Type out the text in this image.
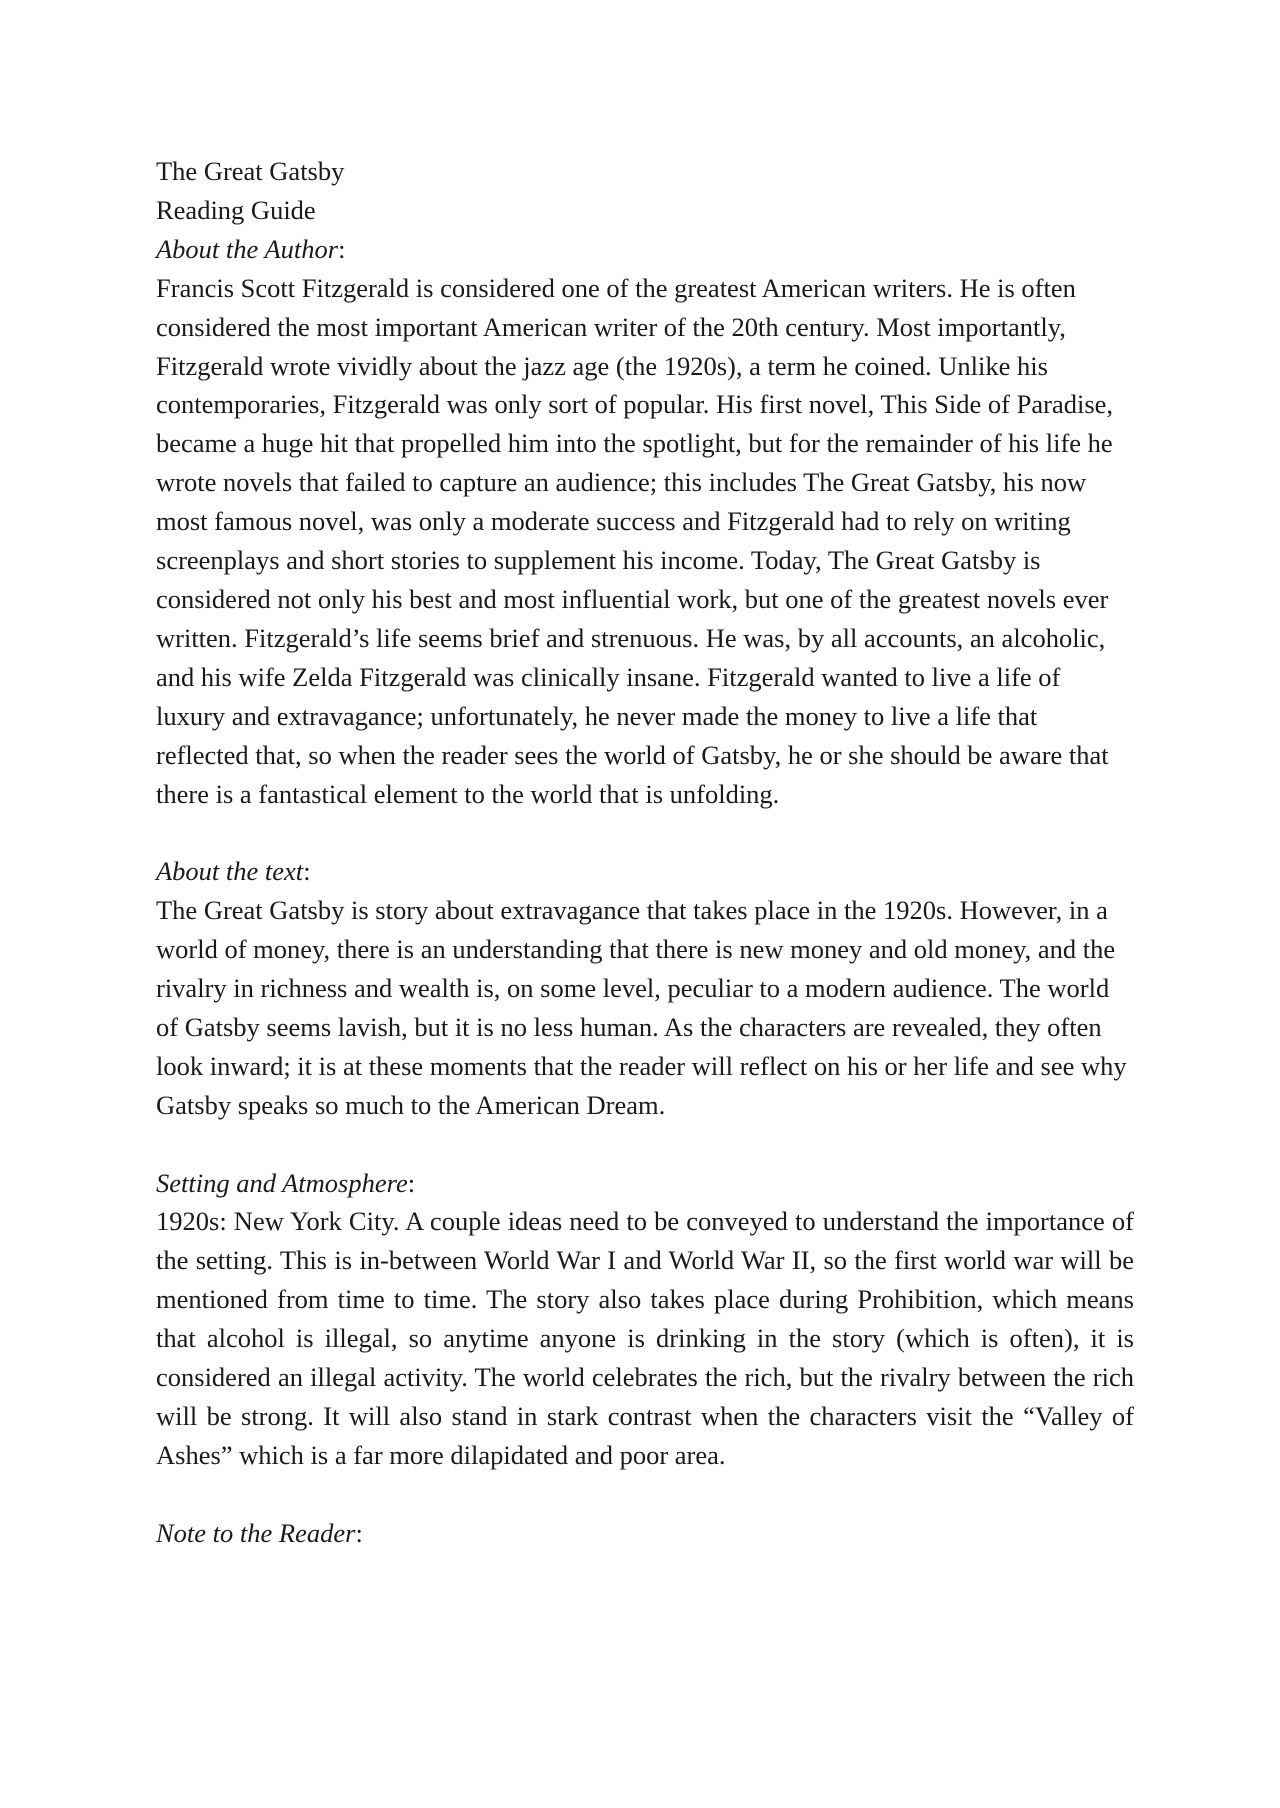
The Great Gatsby
Reading Guide
About the Author:

Francis Scott Fitzgerald is considered one of the greatest American writers. He is often considered the most important American writer of the 20th century. Most importantly, Fitzgerald wrote vividly about the jazz age (the 1920s), a term he coined. Unlike his contemporaries, Fitzgerald was only sort of popular. His first novel, This Side of Paradise, became a huge hit that propelled him into the spotlight, but for the remainder of his life he wrote novels that failed to capture an audience; this includes The Great Gatsby, his now most famous novel, was only a moderate success and Fitzgerald had to rely on writing screenplays and short stories to supplement his income. Today, The Great Gatsby is considered not only his best and most influential work, but one of the greatest novels ever written. Fitzgerald’s life seems brief and strenuous. He was, by all accounts, an alcoholic, and his wife Zelda Fitzgerald was clinically insane. Fitzgerald wanted to live a life of luxury and extravagance; unfortunately, he never made the money to live a life that reflected that, so when the reader sees the world of Gatsby, he or she should be aware that there is a fantastical element to the world that is unfolding.

About the text:

The Great Gatsby is story about extravagance that takes place in the 1920s. However, in a world of money, there is an understanding that there is new money and old money, and the rivalry in richness and wealth is, on some level, peculiar to a modern audience. The world of Gatsby seems lavish, but it is no less human. As the characters are revealed, they often look inward; it is at these moments that the reader will reflect on his or her life and see why Gatsby speaks so much to the American Dream.

Setting and Atmosphere:

1920s: New York City. A couple ideas need to be conveyed to understand the importance of the setting. This is in-between World War I and World War II, so the first world war will be mentioned from time to time. The story also takes place during Prohibition, which means that alcohol is illegal, so anytime anyone is drinking in the story (which is often), it is considered an illegal activity. The world celebrates the rich, but the rivalry between the rich will be strong. It will also stand in stark contrast when the characters visit the “Valley of Ashes” which is a far more dilapidated and poor area.

Note to the Reader:
